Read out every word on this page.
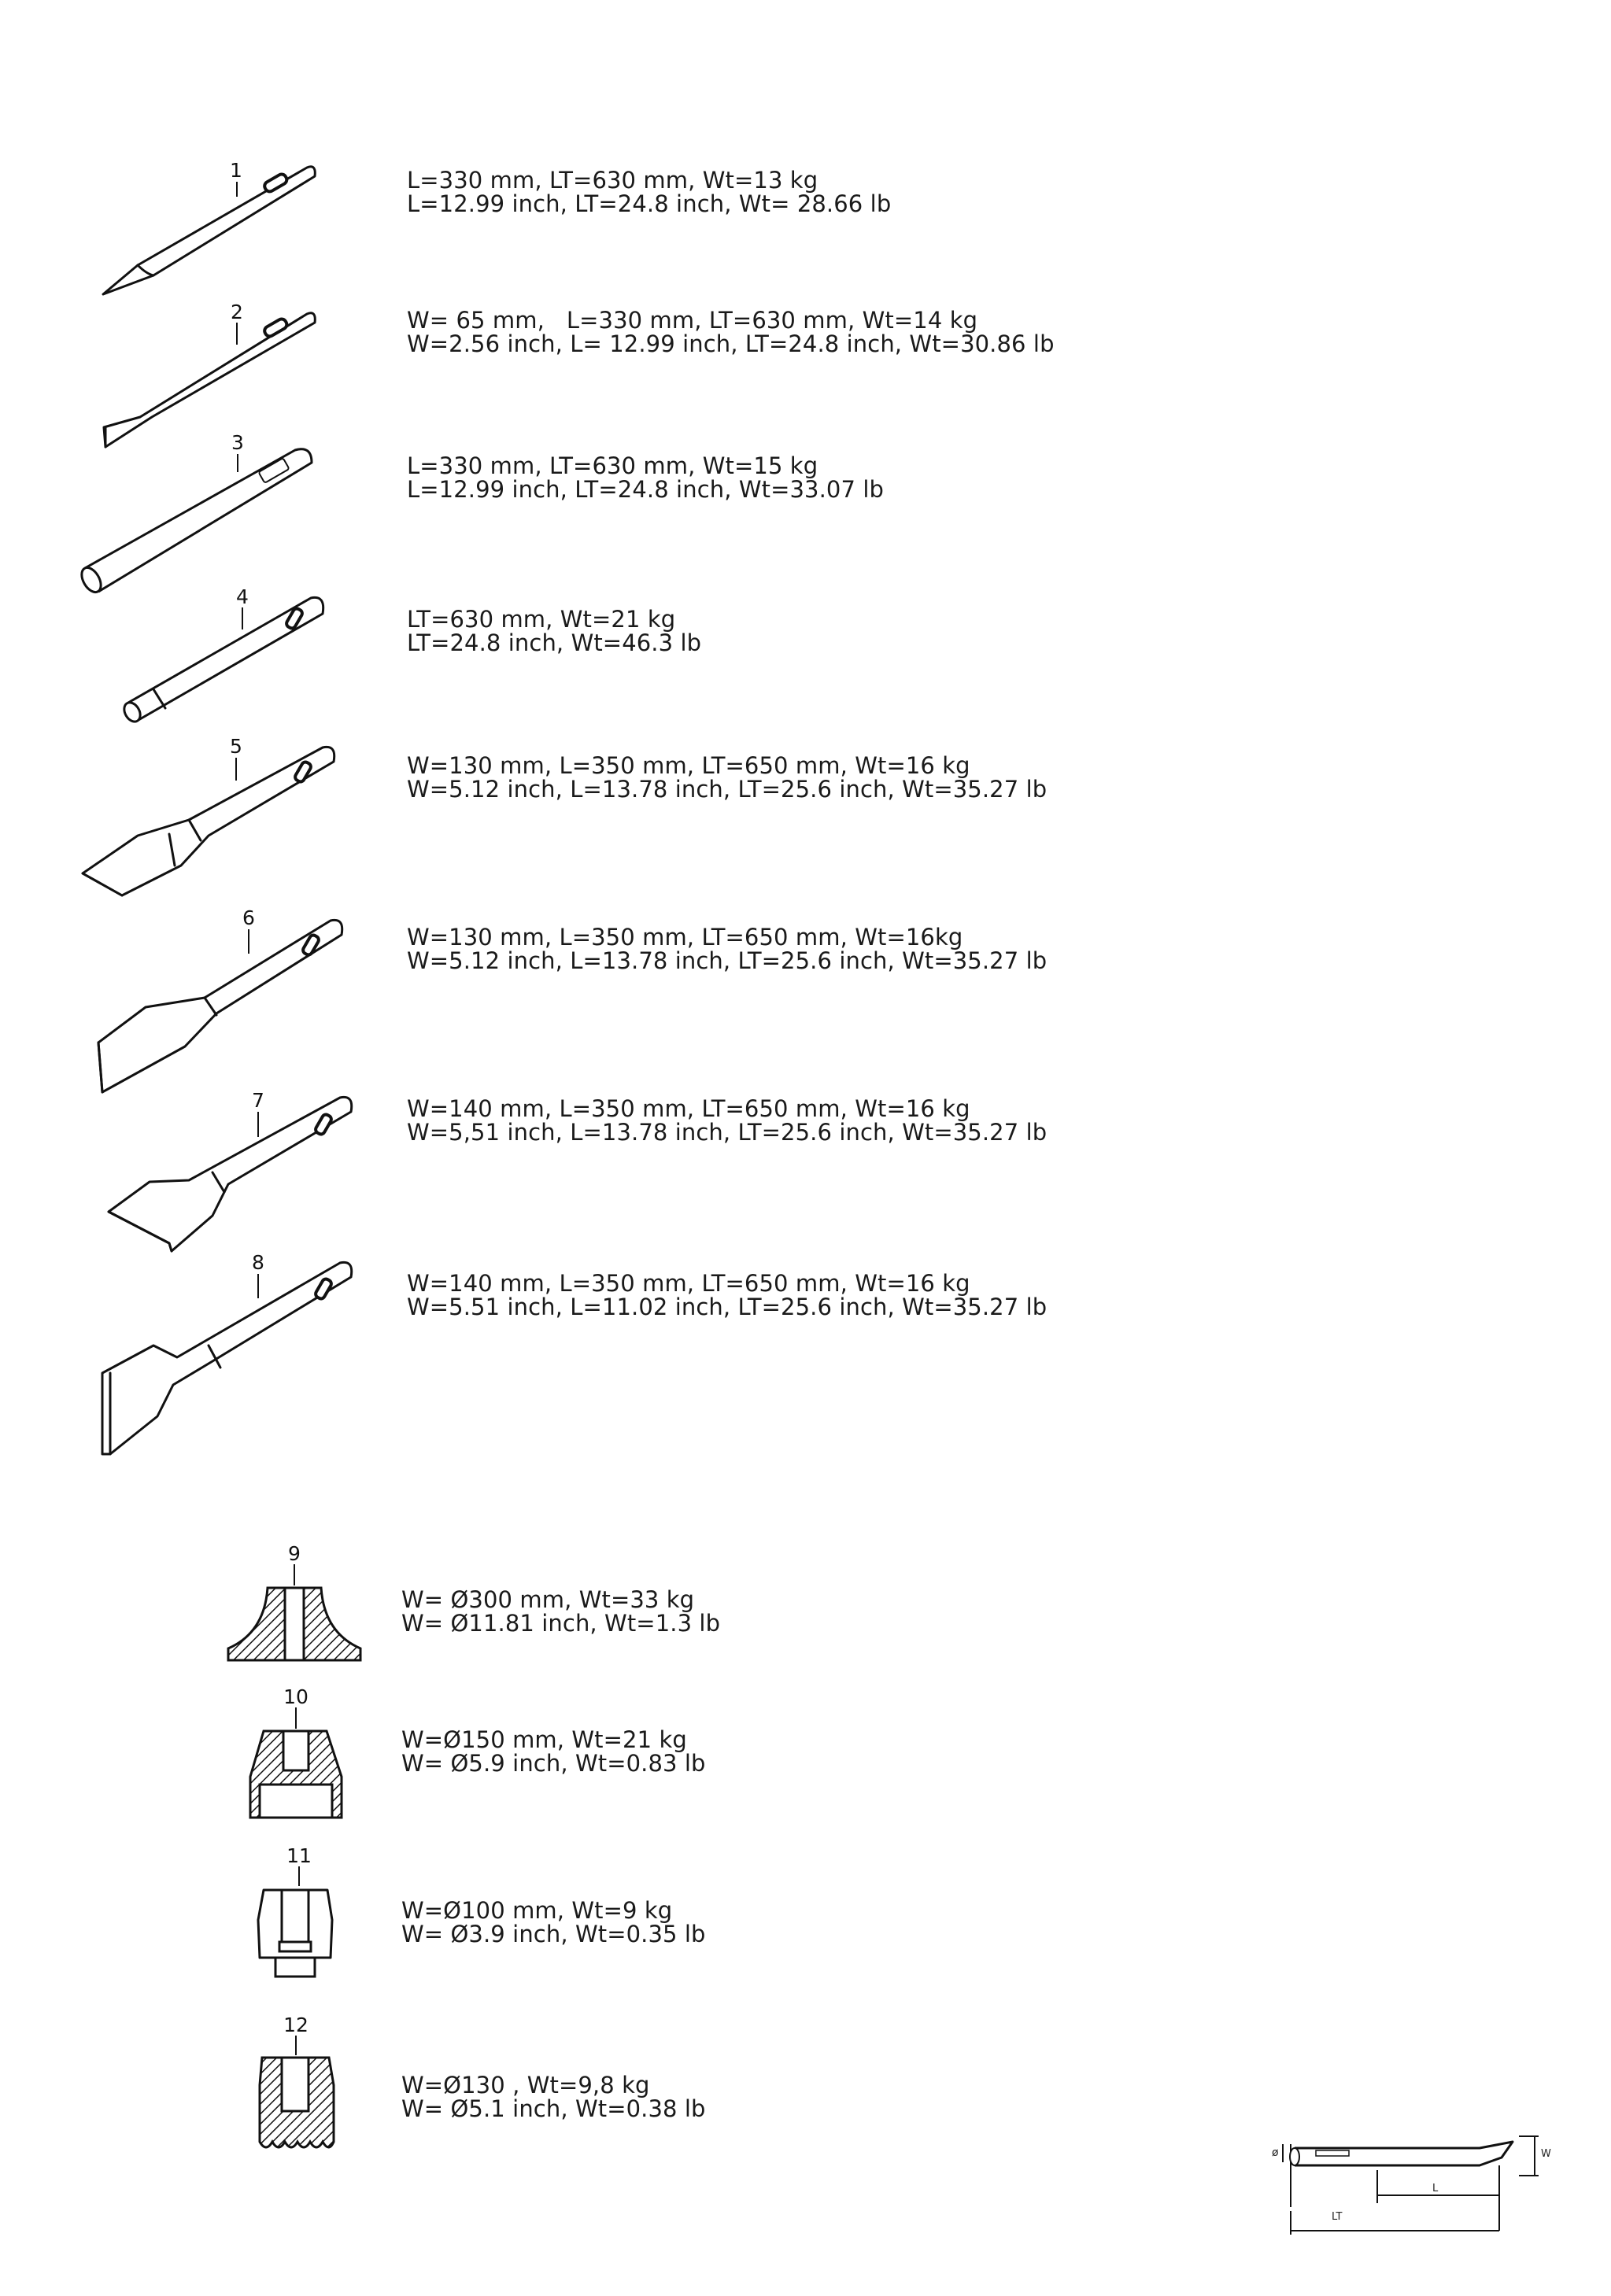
1	L=330 mm, LT=630 mm, Wt=13 kg
L=12.99 inch, LT=24.8 inch, Wt= 28.66 lb
2	W= 65 mm,   L=330 mm, LT=630 mm, Wt=14 kg
W=2.56 inch, L= 12.99 inch, LT=24.8 inch, Wt=30.86 lb
3
L=330 mm, LT=630 mm, Wt=15 kg
L=12.99 inch, LT=24.8 inch, Wt=33.07 lb
4
LT=630 mm, Wt=21 kg
LT=24.8 inch, Wt=46.3 lb
5
W=130 mm, L=350 mm, LT=650 mm, Wt=16 kg
W=5.12 inch, L=13.78 inch, LT=25.6 inch, Wt=35.27 lb
6
W=130 mm, L=350 mm, LT=650 mm, Wt=16kg
W=5.12 inch, L=13.78 inch, LT=25.6 inch, Wt=35.27 lb
7	W=140 mm, L=350 mm, LT=650 mm, Wt=16 kg
W=5,51 inch, L=13.78 inch, LT=25.6 inch, Wt=35.27 lb
8
W=140 mm, L=350 mm, LT=650 mm, Wt=16 kg
W=5.51 inch, L=11.02 inch, LT=25.6 inch, Wt=35.27 lb
9
W= Ø300 mm, Wt=33 kg
W= Ø11.81 inch, Wt=1.3 lb
10
W=Ø150 mm, Wt=21 kg
W= Ø5.9 inch, Wt=0.83 lb
11
W=Ø100 mm, Wt=9 kg
W= Ø3.9 inch, Wt=0.35 lb
12
W=Ø130 , Wt=9,8 kg
W= Ø5.1 inch, Wt=0.38 lb
ø	W
L
LT
